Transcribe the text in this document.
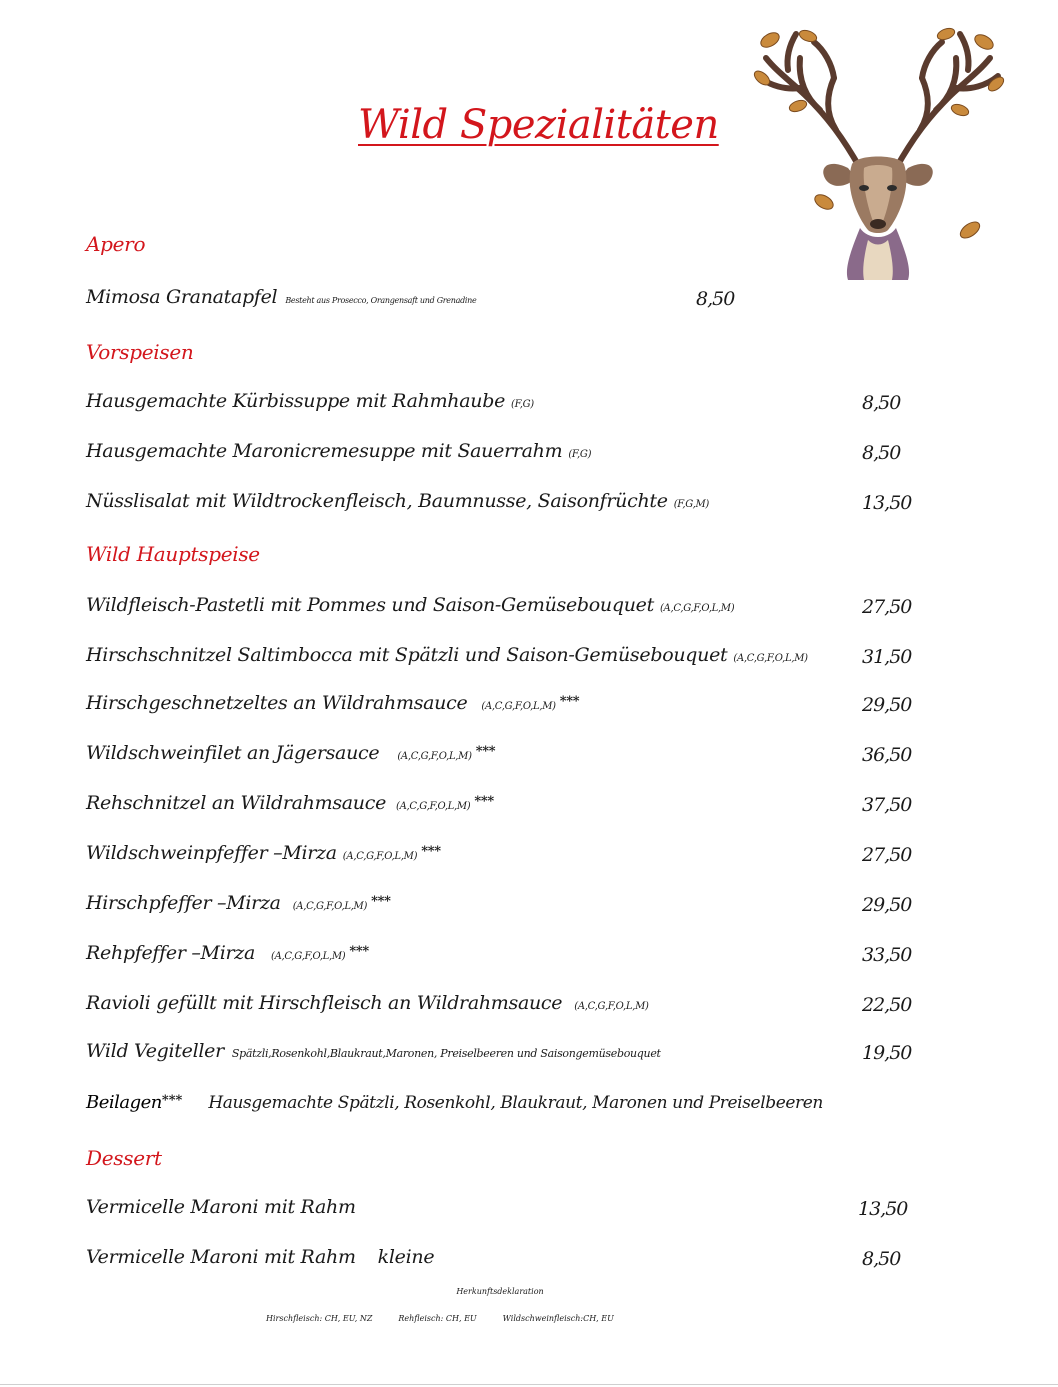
Wild Spezialitäten
Apero
Mimosa Granatapfel Besteht aus Prosecco, Orangensaft und Grenadine	8,50
Vorspeisen
Hausgemachte Kürbissuppe mit Rahmhaube (F,G)	8,50
Hausgemachte Maronicremesuppe mit Sauerrahm (F,G)	8,50
Nüsslisalat mit Wildtrockenfleisch, Baumnusse, Saisonfrüchte (F,G,M)	13,50
Wild Hauptspeise
Wildfleisch-Pastetli mit Pommes und Saison-Gemüsebouquet (A,C,G,F,O,L,M)	27,50
Hirschschnitzel Saltimbocca mit Spätzli und Saison-Gemüsebouquet (A,C,G,F,O,L,M)	31,50
Hirschgeschnetzeltes an Wildrahmsauce (A,C,G,F,O,L,M) ***	29,50
Wildschweinfilet an Jägersauce (A,C,G,F,O,L,M) ***	36,50
Rehschnitzel an Wildrahmsauce (A,C,G,F,O,L,M) ***	37,50
Wildschweinpfeffer –Mirza (A,C,G,F,O,L,M) ***	27,50
Hirschpfeffer –Mirza (A,C,G,F,O,L,M) ***	29,50
Rehpfeffer –Mirza (A,C,G,F,O,L,M) ***	33,50
Ravioli gefüllt mit Hirschfleisch an Wildrahmsauce (A,C,G,F,O,L,M)	22,50
Wild Vegiteller Spätzli,Rosenkohl,Blaukraut,Maronen, Preiselbeeren und Saisongemüsebouquet	19,50
Beilagen*** Hausgemachte Spätzli, Rosenkohl, Blaukraut, Maronen und Preiselbeeren
Dessert
Vermicelle Maroni mit Rahm	13,50
Vermicelle Maroni mit Rahm kleine	8,50
Herkunftsdeklaration
Hirschfleisch: CH, EU, NZ	Rehfleisch: CH, EU	Wildschweinfleisch:CH, EU
